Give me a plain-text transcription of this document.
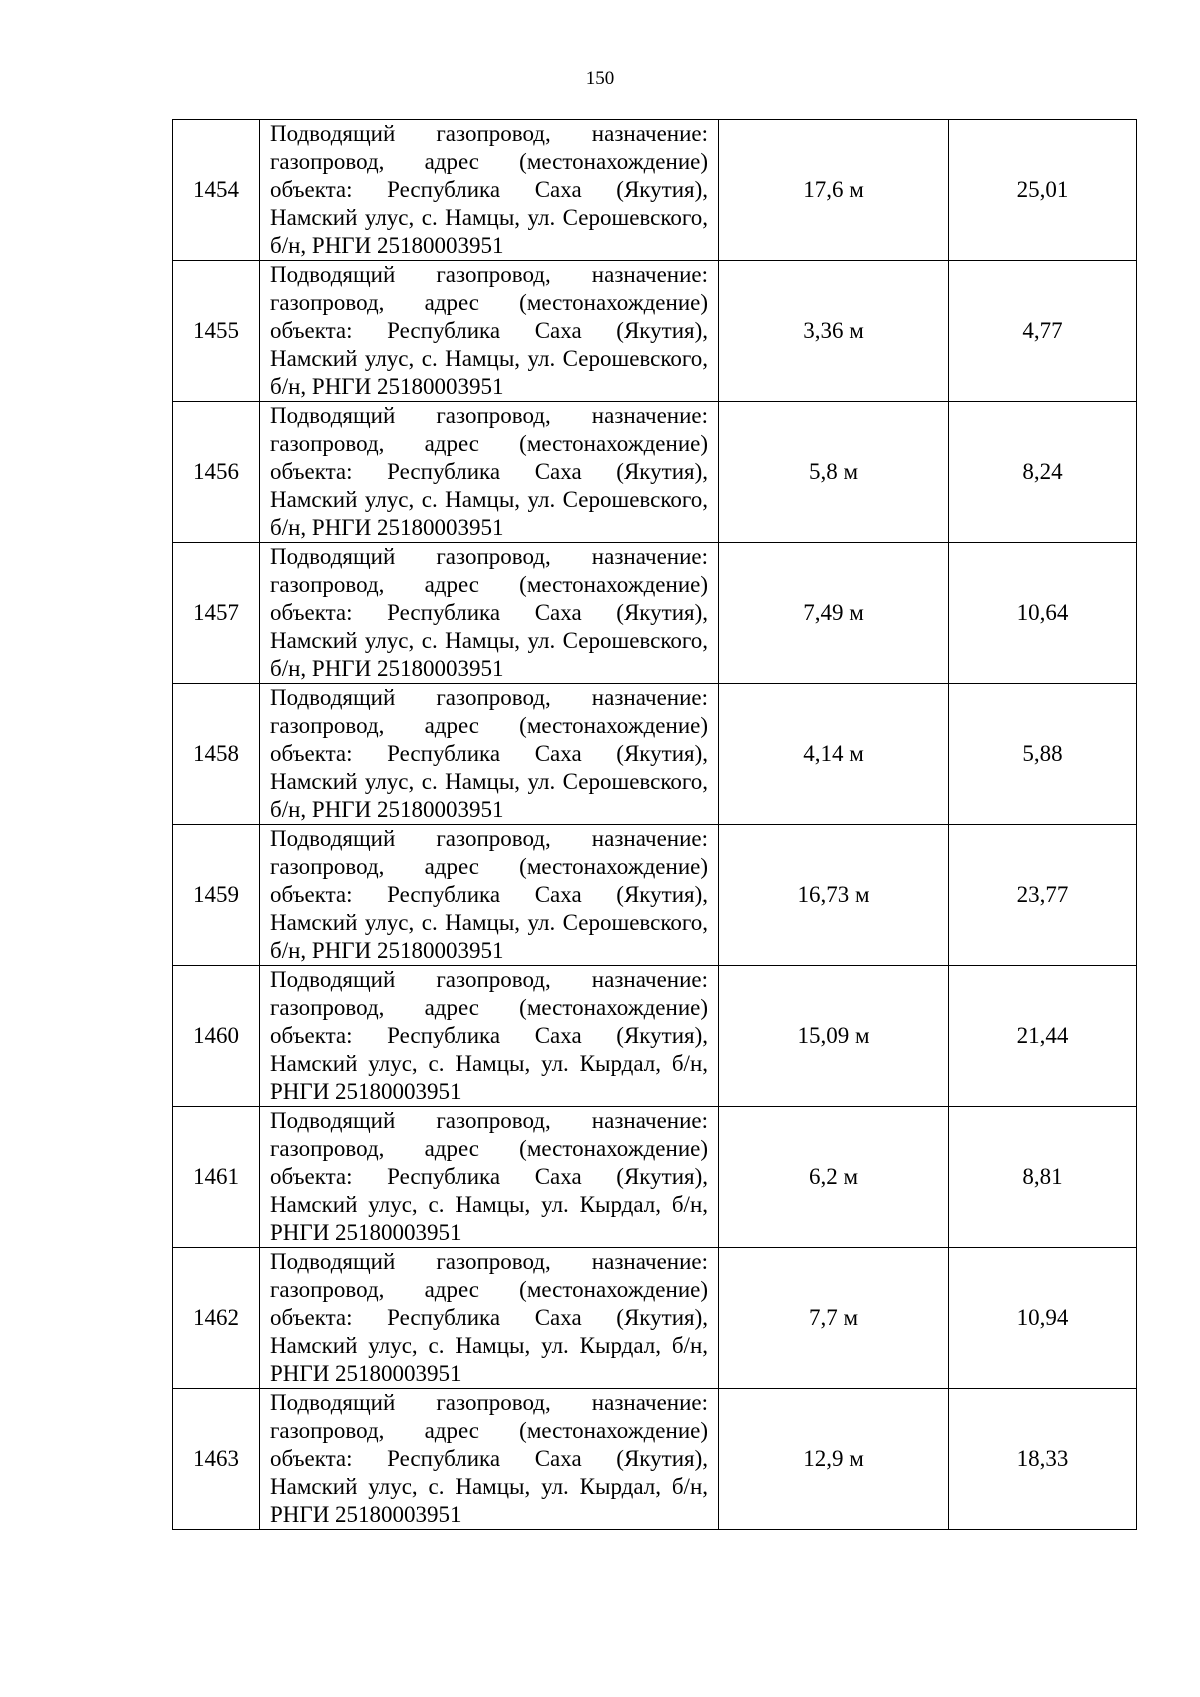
150
1454	Подводящий газопровод, назначение: газопровод, адрес (местонахождение) объекта: Республика Саха (Якутия), Намский улус, с. Намцы, ул. Серошевского, б/н, РНГИ 25180003951	17,6 м	25,01
1455	Подводящий газопровод, назначение: газопровод, адрес (местонахождение) объекта: Республика Саха (Якутия), Намский улус, с. Намцы, ул. Серошевского, б/н, РНГИ 25180003951	3,36 м	4,77
1456	Подводящий газопровод, назначение: газопровод, адрес (местонахождение) объекта: Республика Саха (Якутия), Намский улус, с. Намцы, ул. Серошевского, б/н, РНГИ 25180003951	5,8 м	8,24
1457	Подводящий газопровод, назначение: газопровод, адрес (местонахождение) объекта: Республика Саха (Якутия), Намский улус, с. Намцы, ул. Серошевского, б/н, РНГИ 25180003951	7,49 м	10,64
1458	Подводящий газопровод, назначение: газопровод, адрес (местонахождение) объекта: Республика Саха (Якутия), Намский улус, с. Намцы, ул. Серошевского, б/н, РНГИ 25180003951	4,14 м	5,88
1459	Подводящий газопровод, назначение: газопровод, адрес (местонахождение) объекта: Республика Саха (Якутия), Намский улус, с. Намцы, ул. Серошевского, б/н, РНГИ 25180003951	16,73 м	23,77
1460	Подводящий газопровод, назначение: газопровод, адрес (местонахождение) объекта: Республика Саха (Якутия), Намский улус, с. Намцы, ул. Кырдал, б/н, РНГИ 25180003951	15,09 м	21,44
1461	Подводящий газопровод, назначение: газопровод, адрес (местонахождение) объекта: Республика Саха (Якутия), Намский улус, с. Намцы, ул. Кырдал, б/н, РНГИ 25180003951	6,2 м	8,81
1462	Подводящий газопровод, назначение: газопровод, адрес (местонахождение) объекта: Республика Саха (Якутия), Намский улус, с. Намцы, ул. Кырдал, б/н, РНГИ 25180003951	7,7 м	10,94
1463	Подводящий газопровод, назначение: газопровод, адрес (местонахождение) объекта: Республика Саха (Якутия), Намский улус, с. Намцы, ул. Кырдал, б/н, РНГИ 25180003951	12,9 м	18,33
